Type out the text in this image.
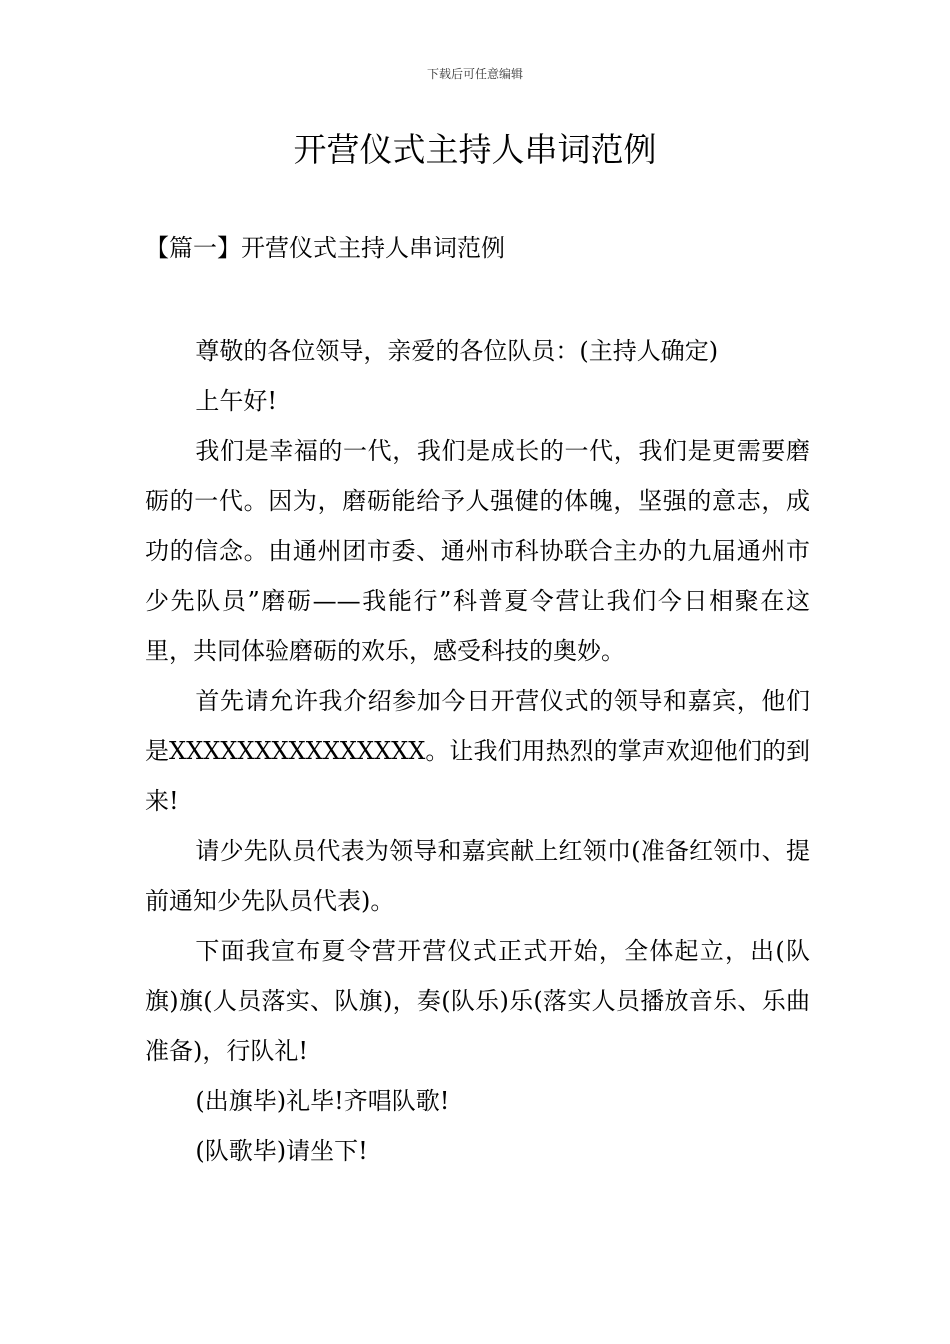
下载后可任意编辑
开营仪式主持人串词范例
【篇一】开营仪式主持人串词范例

尊敬的各位领导，亲爱的各位队员：(主持人确定)

上午好!

我们是幸福的一代，我们是成长的一代，我们是更需要磨砺的一代。因为，磨砺能给予人强健的体魄，坚强的意志，成功的信念。由通州团市委、通州市科协联合主办的九届通州市少先队员”磨砺——我能行”科普夏令营让我们今日相聚在这里，共同体验磨砺的欢乐，感受科技的奥妙。

首先请允许我介绍参加今日开营仪式的领导和嘉宾，他们是XXXXXXXXXXXXXXX。让我们用热烈的掌声欢迎他们的到来!

请少先队员代表为领导和嘉宾献上红领巾(准备红领巾、提前通知少先队员代表)。

下面我宣布夏令营开营仪式正式开始，全体起立，出(队旗)旗(人员落实、队旗)，奏(队乐)乐(落实人员播放音乐、乐曲准备)，行队礼!

(出旗毕)礼毕!齐唱队歌!

(队歌毕)请坐下!
